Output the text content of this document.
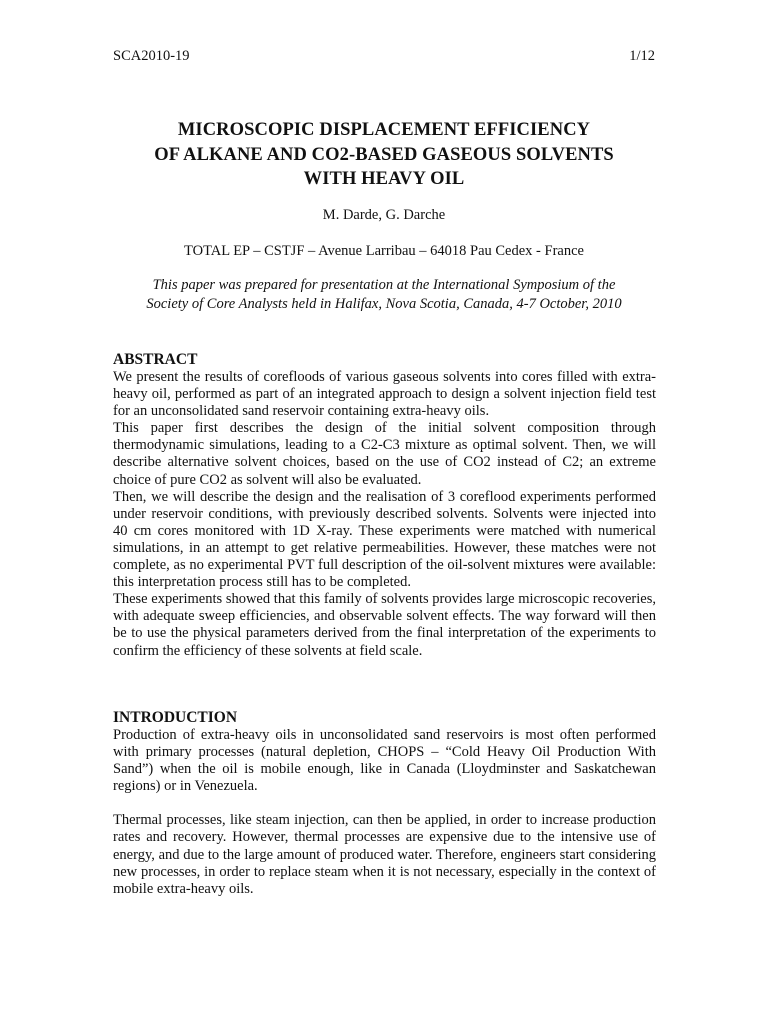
SCA2010-19	1/12
MICROSCOPIC DISPLACEMENT EFFICIENCY
OF ALKANE AND CO2-BASED GASEOUS SOLVENTS
WITH HEAVY OIL
M. Darde, G. Darche
TOTAL EP – CSTJF – Avenue Larribau – 64018 Pau Cedex - France
This paper was prepared for presentation at the International Symposium of the
Society of Core Analysts held in Halifax, Nova Scotia, Canada, 4-7 October, 2010
ABSTRACT

We present the results of corefloods of various gaseous solvents into cores filled with extra-heavy oil, performed as part of an integrated approach to design a solvent injection field test for an unconsolidated sand reservoir containing extra-heavy oils.

This paper first describes the design of the initial solvent composition through thermodynamic simulations, leading to a C2-C3 mixture as optimal solvent. Then, we will describe alternative solvent choices, based on the use of CO2 instead of C2; an extreme choice of pure CO2 as solvent will also be evaluated.

Then, we will describe the design and the realisation of 3 coreflood experiments performed under reservoir conditions, with previously described solvents. Solvents were injected into 40 cm cores monitored with 1D X-ray. These experiments were matched with numerical simulations, in an attempt to get relative permeabilities. However, these matches were not complete, as no experimental PVT full description of the oil-solvent mixtures were available: this interpretation process still has to be completed.

These experiments showed that this family of solvents provides large microscopic recoveries, with adequate sweep efficiencies, and observable solvent effects. The way forward will then be to use the physical parameters derived from the final interpretation of the experiments to confirm the efficiency of these solvents at field scale.

INTRODUCTION

Production of extra-heavy oils in unconsolidated sand reservoirs is most often performed with primary processes (natural depletion, CHOPS – “Cold Heavy Oil Production With Sand”) when the oil is mobile enough, like in Canada (Lloydminster and Saskatchewan regions) or in Venezuela.

Thermal processes, like steam injection, can then be applied, in order to increase production rates and recovery. However, thermal processes are expensive due to the intensive use of energy, and due to the large amount of produced water. Therefore, engineers start considering new processes, in order to replace steam when it is not necessary, especially in the context of mobile extra-heavy oils.
